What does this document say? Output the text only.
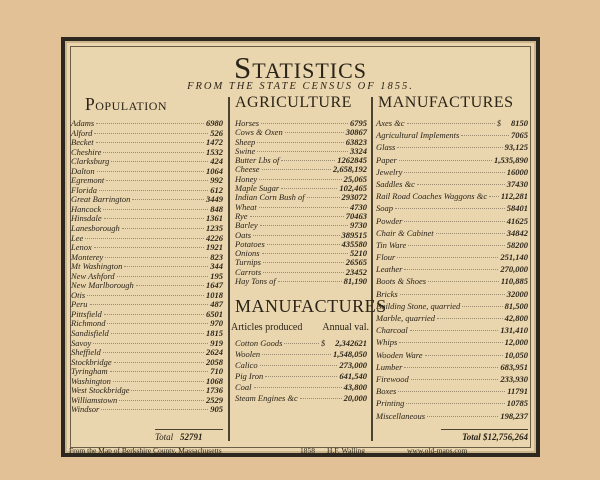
Statistics
FROM THE STATE CENSUS OF 1855.
Population	AGRICULTURE MANUFACTURES
Adams	6980
Alford	526
Becket	1472
Cheshire	1532
Clarksburg	424
Dalton	1064
Egremont	992
Florida	612
Great Barrington	3449
Hancock	848
Hinsdale	1361
Lanesborough	1235
Lee	4226
Lenox	1921
Monterey	823
Mt Washington	344
New Ashford	195
New Marlborough	1647
Otis	1018
Peru	487
Pittsfield	6501
Richmond	970
Sandisfield	1815
Savoy	919
Sheffield	2624
Stockbridge	2058
Tyringham	710
Washington	1068
West Stockbridge	1736
Williamstown	2529
Windsor	905
Total 52791
Horses	6795
Cows & Oxen	30867
Sheep	63823
Swine	3324
Butter Lbs of	1262845
Cheese	2,658,192
Honey	25,065
Maple Sugar	102,465
Indian Corn Bush of	293072
Wheat	4730
Rye	70463
Barley	9730
Oats	389515
Potatoes	435580
Onions	5210
Turnips	26565
Carrots	23452
Hay Tons of	81,190
MANUFACTURES
Articles produced Annual val.
Cotton Goods	$ 2,342621
Woolen	1,548,050
Calico	273,000
Pig Iron	641,540
Coal	43,800
Steam Engines &c	20,000
Axes &c	$ 8150
Agricultural Implements	7065
Glass	93,125
Paper	1,535,890
Jewelry	16000
Saddles &c	37430
Rail Road Coaches Waggons &c 112,281
Soap	58401
Powder	41625
Chair & Cabinet	34842
Tin Ware	58200
Flour	251,140
Leather	270,000
Boots & Shoes	110,885
Bricks	32000
Building Stone, quarried	81,500
Marble, quarried	42,800
Charcoal	131,410
Whips	12,000
Wooden Ware	10,050
Lumber	683,951
Firewood	233,930
Boxes	11791
Printing	10785
Miscellaneous	198,237
Total $12,756,264
From the Map of Berkshire County, Massachusetts	1858 H.F. Walling	www.old-maps.com
